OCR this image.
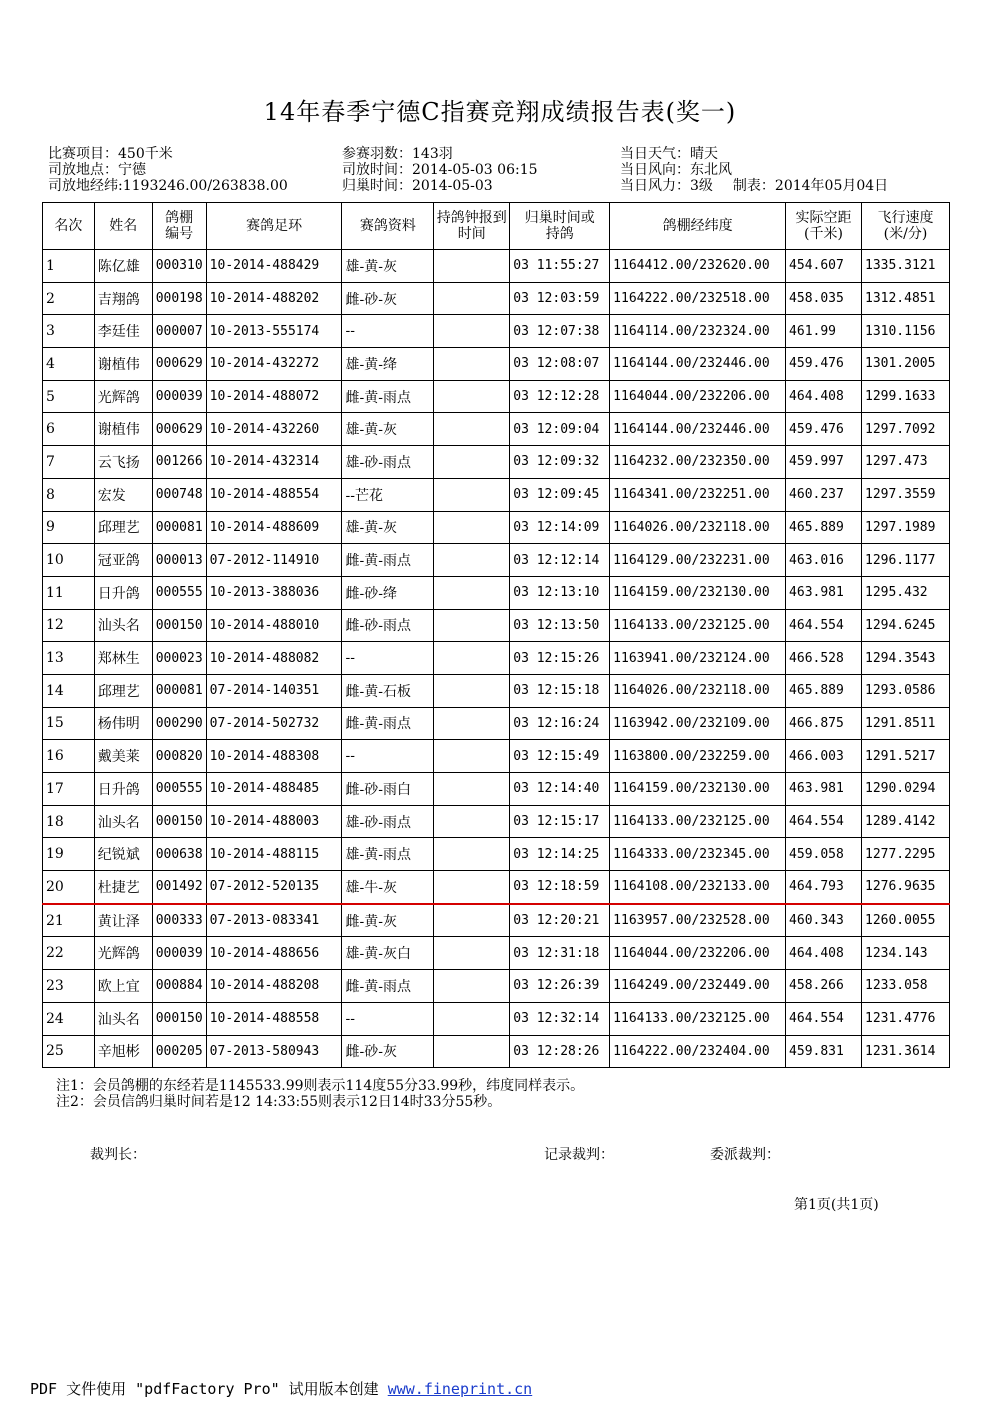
14年春季宁德C指赛竞翔成绩报告表(奖一)
比赛项目：450千米
司放地点：宁德
司放地经纬:1193246.00/263838.00
参赛羽数：143羽
司放时间：2014-05-03 06:15
归巢时间：2014-05-03
当日天气：晴天
当日风向：东北风
当日风力：3级 制表：2014年05月04日
名次	姓名	鸽棚编号	赛鸽足环	赛鸽资料	持鸽钟报到时间	归巢时间或持鸽	鸽棚经纬度	实际空距(千米)	飞行速度(米/分)
1	陈亿雄	000310	10-2014-488429	雄-黄-灰		03 11:55:27	1164412.00/232620.00	454.607	1335.3121
2	吉翔鸽	000198	10-2014-488202	雌-砂-灰		03 12:03:59	1164222.00/232518.00	458.035	1312.4851
3	李廷佳	000007	10-2013-555174	--		03 12:07:38	1164114.00/232324.00	461.99	1310.1156
4	谢植伟	000629	10-2014-432272	雄-黄-绛		03 12:08:07	1164144.00/232446.00	459.476	1301.2005
5	光辉鸽	000039	10-2014-488072	雌-黄-雨点		03 12:12:28	1164044.00/232206.00	464.408	1299.1633
6	谢植伟	000629	10-2014-432260	雄-黄-灰		03 12:09:04	1164144.00/232446.00	459.476	1297.7092
7	云飞扬	001266	10-2014-432314	雄-砂-雨点		03 12:09:32	1164232.00/232350.00	459.997	1297.473
8	宏发	000748	10-2014-488554	--芒花		03 12:09:45	1164341.00/232251.00	460.237	1297.3559
9	邱理艺	000081	10-2014-488609	雄-黄-灰		03 12:14:09	1164026.00/232118.00	465.889	1297.1989
10	冠亚鸽	000013	07-2012-114910	雌-黄-雨点		03 12:12:14	1164129.00/232231.00	463.016	1296.1177
11	日升鸽	000555	10-2013-388036	雌-砂-绛		03 12:13:10	1164159.00/232130.00	463.981	1295.432
12	汕头名	000150	10-2014-488010	雌-砂-雨点		03 12:13:50	1164133.00/232125.00	464.554	1294.6245
13	郑林生	000023	10-2014-488082	--		03 12:15:26	1163941.00/232124.00	466.528	1294.3543
14	邱理艺	000081	07-2014-140351	雌-黄-石板		03 12:15:18	1164026.00/232118.00	465.889	1293.0586
15	杨伟明	000290	07-2014-502732	雌-黄-雨点		03 12:16:24	1163942.00/232109.00	466.875	1291.8511
16	戴美莱	000820	10-2014-488308	--		03 12:15:49	1163800.00/232259.00	466.003	1291.5217
17	日升鸽	000555	10-2014-488485	雌-砂-雨白		03 12:14:40	1164159.00/232130.00	463.981	1290.0294
18	汕头名	000150	10-2014-488003	雄-砂-雨点		03 12:15:17	1164133.00/232125.00	464.554	1289.4142
19	纪锐斌	000638	10-2014-488115	雄-黄-雨点		03 12:14:25	1164333.00/232345.00	459.058	1277.2295
20	杜捷艺	001492	07-2012-520135	雄-牛-灰		03 12:18:59	1164108.00/232133.00	464.793	1276.9635
21	黄让泽	000333	07-2013-083341	雌-黄-灰		03 12:20:21	1163957.00/232528.00	460.343	1260.0055
22	光辉鸽	000039	10-2014-488656	雄-黄-灰白		03 12:31:18	1164044.00/232206.00	464.408	1234.143
23	欧上宜	000884	10-2014-488208	雌-黄-雨点		03 12:26:39	1164249.00/232449.00	458.266	1233.058
24	汕头名	000150	10-2014-488558	--		03 12:32:14	1164133.00/232125.00	464.554	1231.4776
25	辛旭彬	000205	07-2013-580943	雌-砂-灰		03 12:28:26	1164222.00/232404.00	459.831	1231.3614
注1：会员鸽棚的东经若是1145533.99则表示114度55分33.99秒，纬度同样表示。
注2：会员信鸽归巢时间若是12 14:33:55则表示12日14时33分55秒。
裁判长：	记录裁判：	委派裁判：
第1页(共1页)
PDF 文件使用 "pdfFactory Pro" 试用版本创建 www.fineprint.cn
